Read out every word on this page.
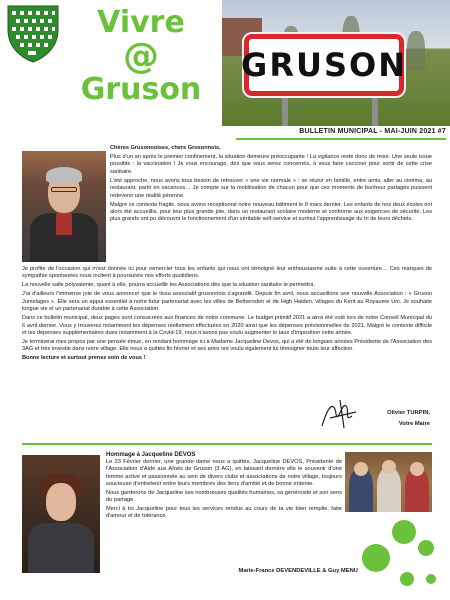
Vivre
@
Gruson
GRUSON
BULLETIN MUNICIPAL - MAI-JUIN 2021 #7

Chères Grusonnoises, chers Grusonnois,

Plus d'un an après le premier confinement, la situation demeure préoccupante ! La vigilance reste donc de mise. Une seule issue possible : la vaccination ! Je vous encourage, dès que vous serez concernés, à vous faire vacciner pour sortir de cette crise sanitaire.

L'été approche, nous avons tous besoin de retrouver « une vie normale » : se réunir en famille, entre amis, aller au cinéma, au restaurant, partir en vacances… Je compte sur la mobilisation de chacun pour que ces moments de bonheur partagés puissent redevenir une réalité pérenne.

Malgré ce contexte fragile, nous avons réceptionné notre nouveau bâtiment le 9 mars dernier. Les enfants de nos deux écoles ont alors été accueillis, pour leur plus grande joie, dans un restaurant scolaire moderne et conforme aux exigences de sécurité. Les plus grands ont pu découvrir le fonctionnement d'un véritable self-service et surtout l'apprentissage du tri de leurs déchets.

Je profite de l'occasion qui m'est donnée ici pour remercier tous les enfants qui nous ont témoigné leur enthousiasme suite à cette ouverture… Ces marques de sympathie spontanées nous incitent à poursuivre nos efforts quotidiens.

La nouvelle salle polyvalente, quant à elle, pourra accueillir les Associations dès que la situation sanitaire le permettra.

J'ai d'ailleurs l'immense joie de vous annoncer que le tissu associatif grusonnois s'agrandit. Depuis fin avril, nous accueillons une nouvelle Association : « Gruson Jumelages ». Elle sera un appui essentiel à notre futur partenariat avec les villes de Bethersden et de High Halden, villages du Kent au Royaume Uni. Je souhaite longue vie et un partenariat durable à cette Association.

Dans ce bulletin municipal, deux pages sont consacrées aux finances de notre commune. Le budget primitif 2021 a ainsi été voté lors de notre Conseil Municipal du 6 avril dernier. Vous y trouverez notamment les dépenses réellement effectuées en 2020 ainsi que les dépenses prévisionnelles de 2021. Malgré le contexte difficile et les dépenses supplémentaires dues notamment à la Covid-19, nous n'avons pas voulu augmenter le taux d'imposition cette année.

Je terminerai mes propos par une pensée émue, en rendant hommage ici à Madame Jacqueline Devos, qui a été de longues années Présidente de l'Association des 3AG et très investie dans notre village. Elle nous a quittés fin février et ses amis ont voulu également lui témoigner toute leur affection.

Bonne lecture et surtout prenez soin de vous !

Olivier TURPIN,
Votre Maire
Hommage à Jacqueline DEVOS

Le 23 Février dernier, une grande dame nous a quittés, Jacqueline DEVOS, Présidente de l'Association d'Aide aux Aînés de Gruson (3 AG), en laissant derrière elle le souvenir d'une femme active et passionnée au sein de divers clubs et associations de notre village, toujours soucieuse d'entretenir entre leurs membres des liens d'amitié et de bonne entente.

Nous garderons de Jacqueline ses nombreuses qualités humaines, sa générosité et son sens du partage.

Merci à toi Jacqueline pour tous les services rendus au cours de ta vie bien remplie, faite d'amour et de tolérance.

Marie-France DEVENDEVILLE & Guy MENU
